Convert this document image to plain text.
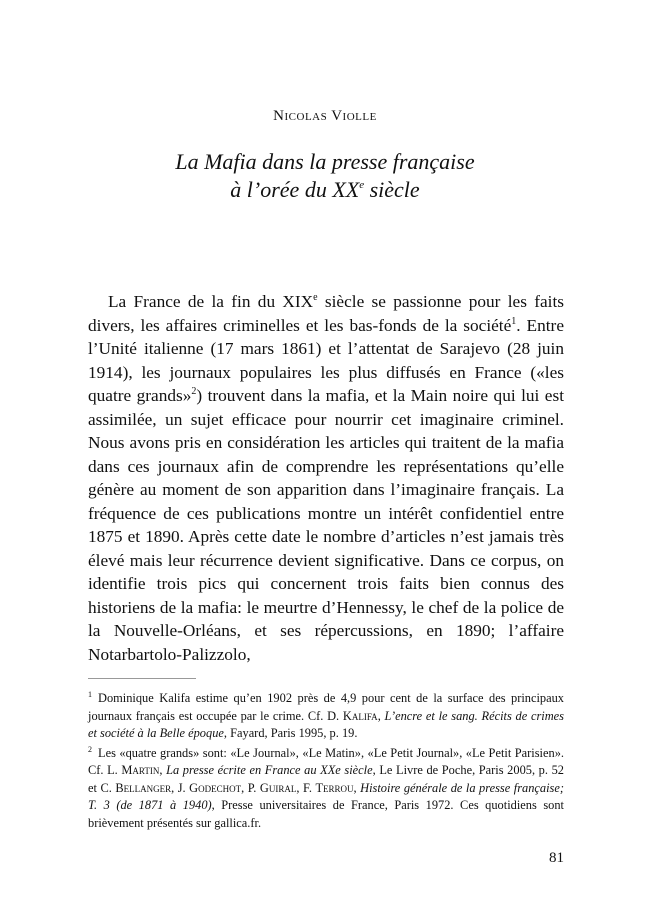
Nicolas Violle
La Mafia dans la presse française
à l’orée du XXe siècle

La France de la fin du XIXe siècle se passionne pour les faits divers, les affaires criminelles et les bas-fonds de la société$^1$. Entre l’Unité italienne (17 mars 1861) et l’attentat de Sarajevo (28 juin 1914), les journaux populaires les plus diffusés en France («les quatre grands»$^2$) trouvent dans la mafia, et la Main noire qui lui est assimilée, un sujet efficace pour nourrir cet imaginaire criminel. Nous avons pris en considération les articles qui traitent de la mafia dans ces journaux afin de comprendre les représentations qu’elle génère au moment de son apparition dans l’imaginaire français. La fréquence de ces publications montre un intérêt confidentiel entre 1875 et 1890. Après cette date le nombre d’articles n’est jamais très élevé mais leur récurrence devient significative. Dans ce corpus, on identifie trois pics qui concernent trois faits bien connus des historiens de la mafia: le meurtre d’Hennessy, le chef de la police de la Nouvelle-Orléans, et ses répercussions, en 1890; l’affaire Notarbartolo-Palizzolo,

$^1$ Dominique Kalifa estime qu’en 1902 près de 4,9 pour cent de la surface des principaux journaux français est occupée par le crime. Cf. D. Kalifa, L’encre et le sang. Récits de crimes et société à la Belle époque, Fayard, Paris 1995, p. 19.

$^2$ Les «quatre grands» sont: «Le Journal», «Le Matin», «Le Petit Journal», «Le Petit Parisien». Cf. L. Martin, La presse écrite en France au XXe siècle, Le Livre de Poche, Paris 2005, p. 52 et C. Bellanger, J. Godechot, P. Guiral, F. Terrou, Histoire générale de la presse française; T. 3 (de 1871 à 1940), Presse universitaires de France, Paris 1972. Ces quotidiens sont brièvement présentés sur gallica.fr.

81
